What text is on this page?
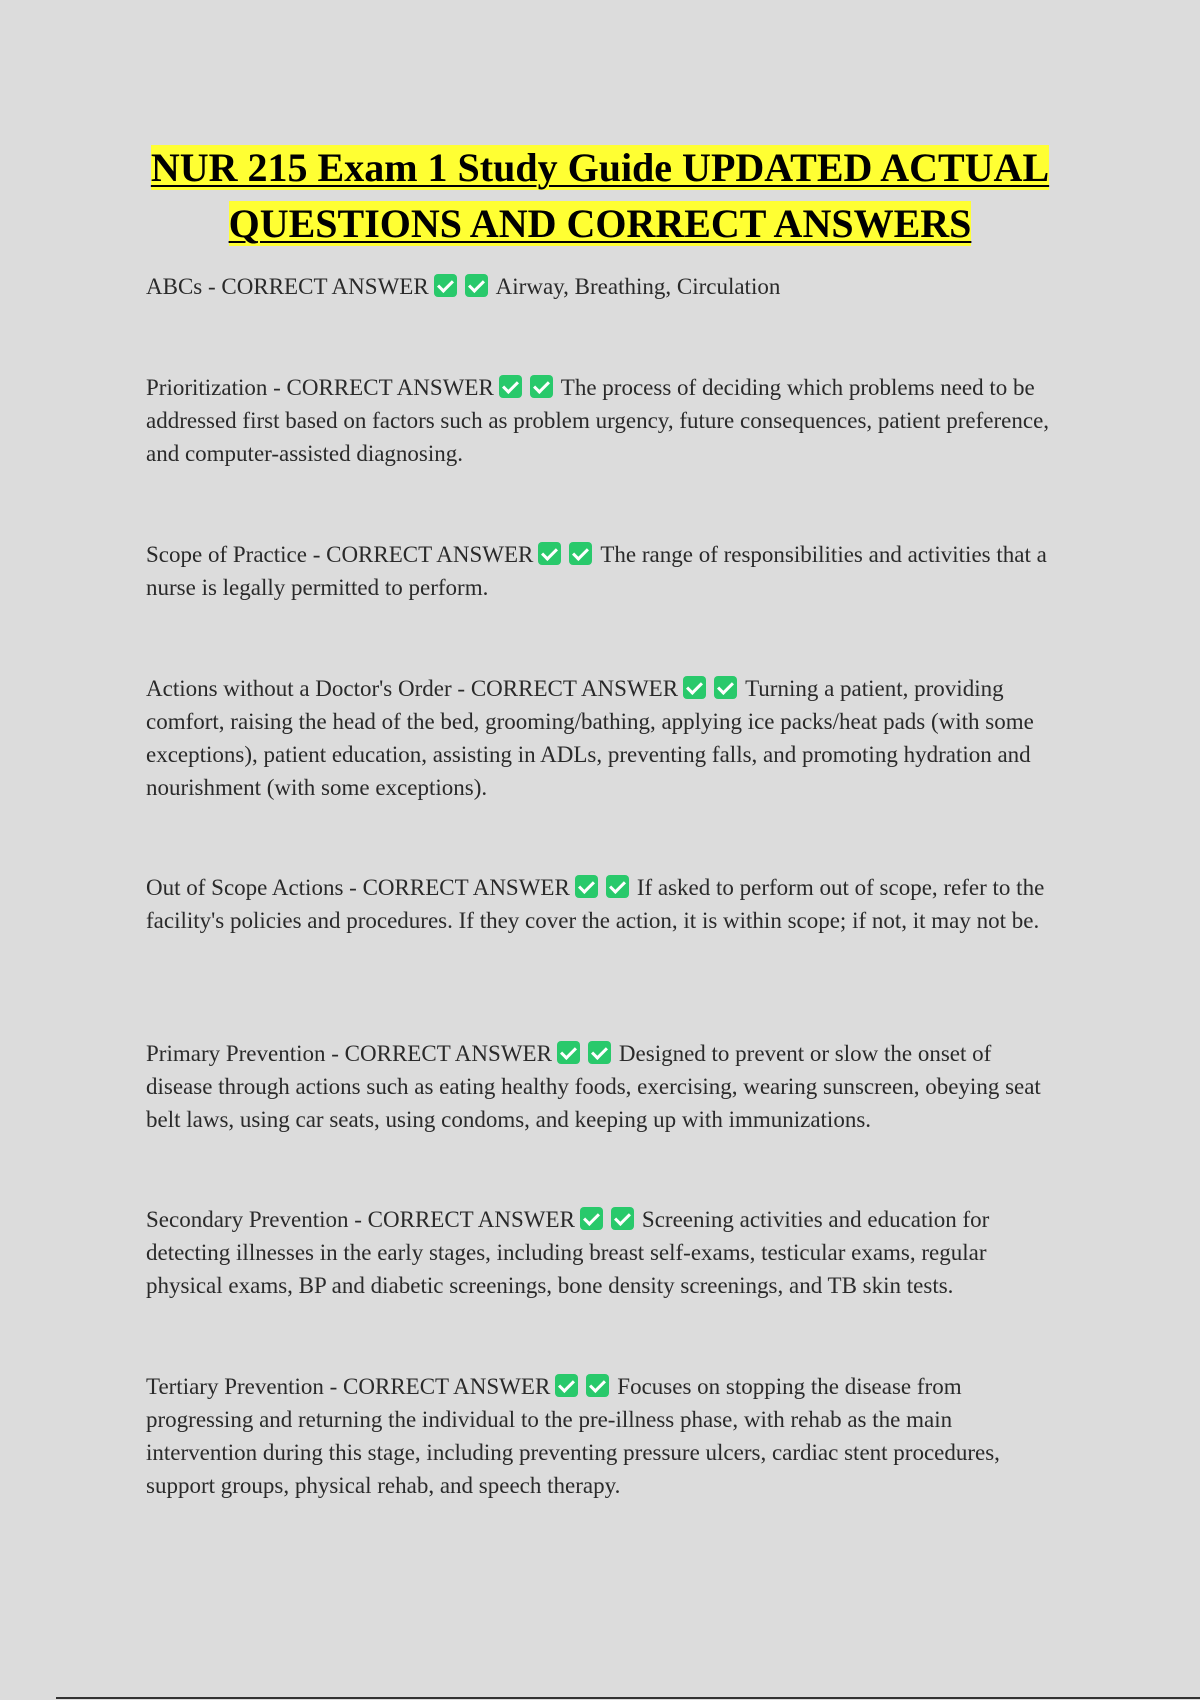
NUR 215 Exam 1 Study Guide UPDATED ACTUAL
QUESTIONS AND CORRECT ANSWERS
ABCs - CORRECT ANSWER	Airway, Breathing, Circulation
Prioritization - CORRECT ANSWER	The process of deciding which problems need to be addressed first based on factors such as problem urgency, future consequences, patient preference, and computer-assisted diagnosing.
Scope of Practice - CORRECT ANSWER	The range of responsibilities and activities that a nurse is legally permitted to perform.
Actions without a Doctor's Order - CORRECT ANSWER	Turning a patient, providing comfort, raising the head of the bed, grooming/bathing, applying ice packs/heat pads (with some exceptions), patient education, assisting in ADLs, preventing falls, and promoting hydration and nourishment (with some exceptions).
Out of Scope Actions - CORRECT ANSWER	If asked to perform out of scope, refer to the facility's policies and procedures. If they cover the action, it is within scope; if not, it may not be.
Primary Prevention - CORRECT ANSWER	Designed to prevent or slow the onset of disease through actions such as eating healthy foods, exercising, wearing sunscreen, obeying seat belt laws, using car seats, using condoms, and keeping up with immunizations.
Secondary Prevention - CORRECT ANSWER	Screening activities and education for detecting illnesses in the early stages, including breast self-exams, testicular exams, regular physical exams, BP and diabetic screenings, bone density screenings, and TB skin tests.
Tertiary Prevention - CORRECT ANSWER	Focuses on stopping the disease from progressing and returning the individual to the pre-illness phase, with rehab as the main intervention during this stage, including preventing pressure ulcers, cardiac stent procedures, support groups, physical rehab, and speech therapy.
